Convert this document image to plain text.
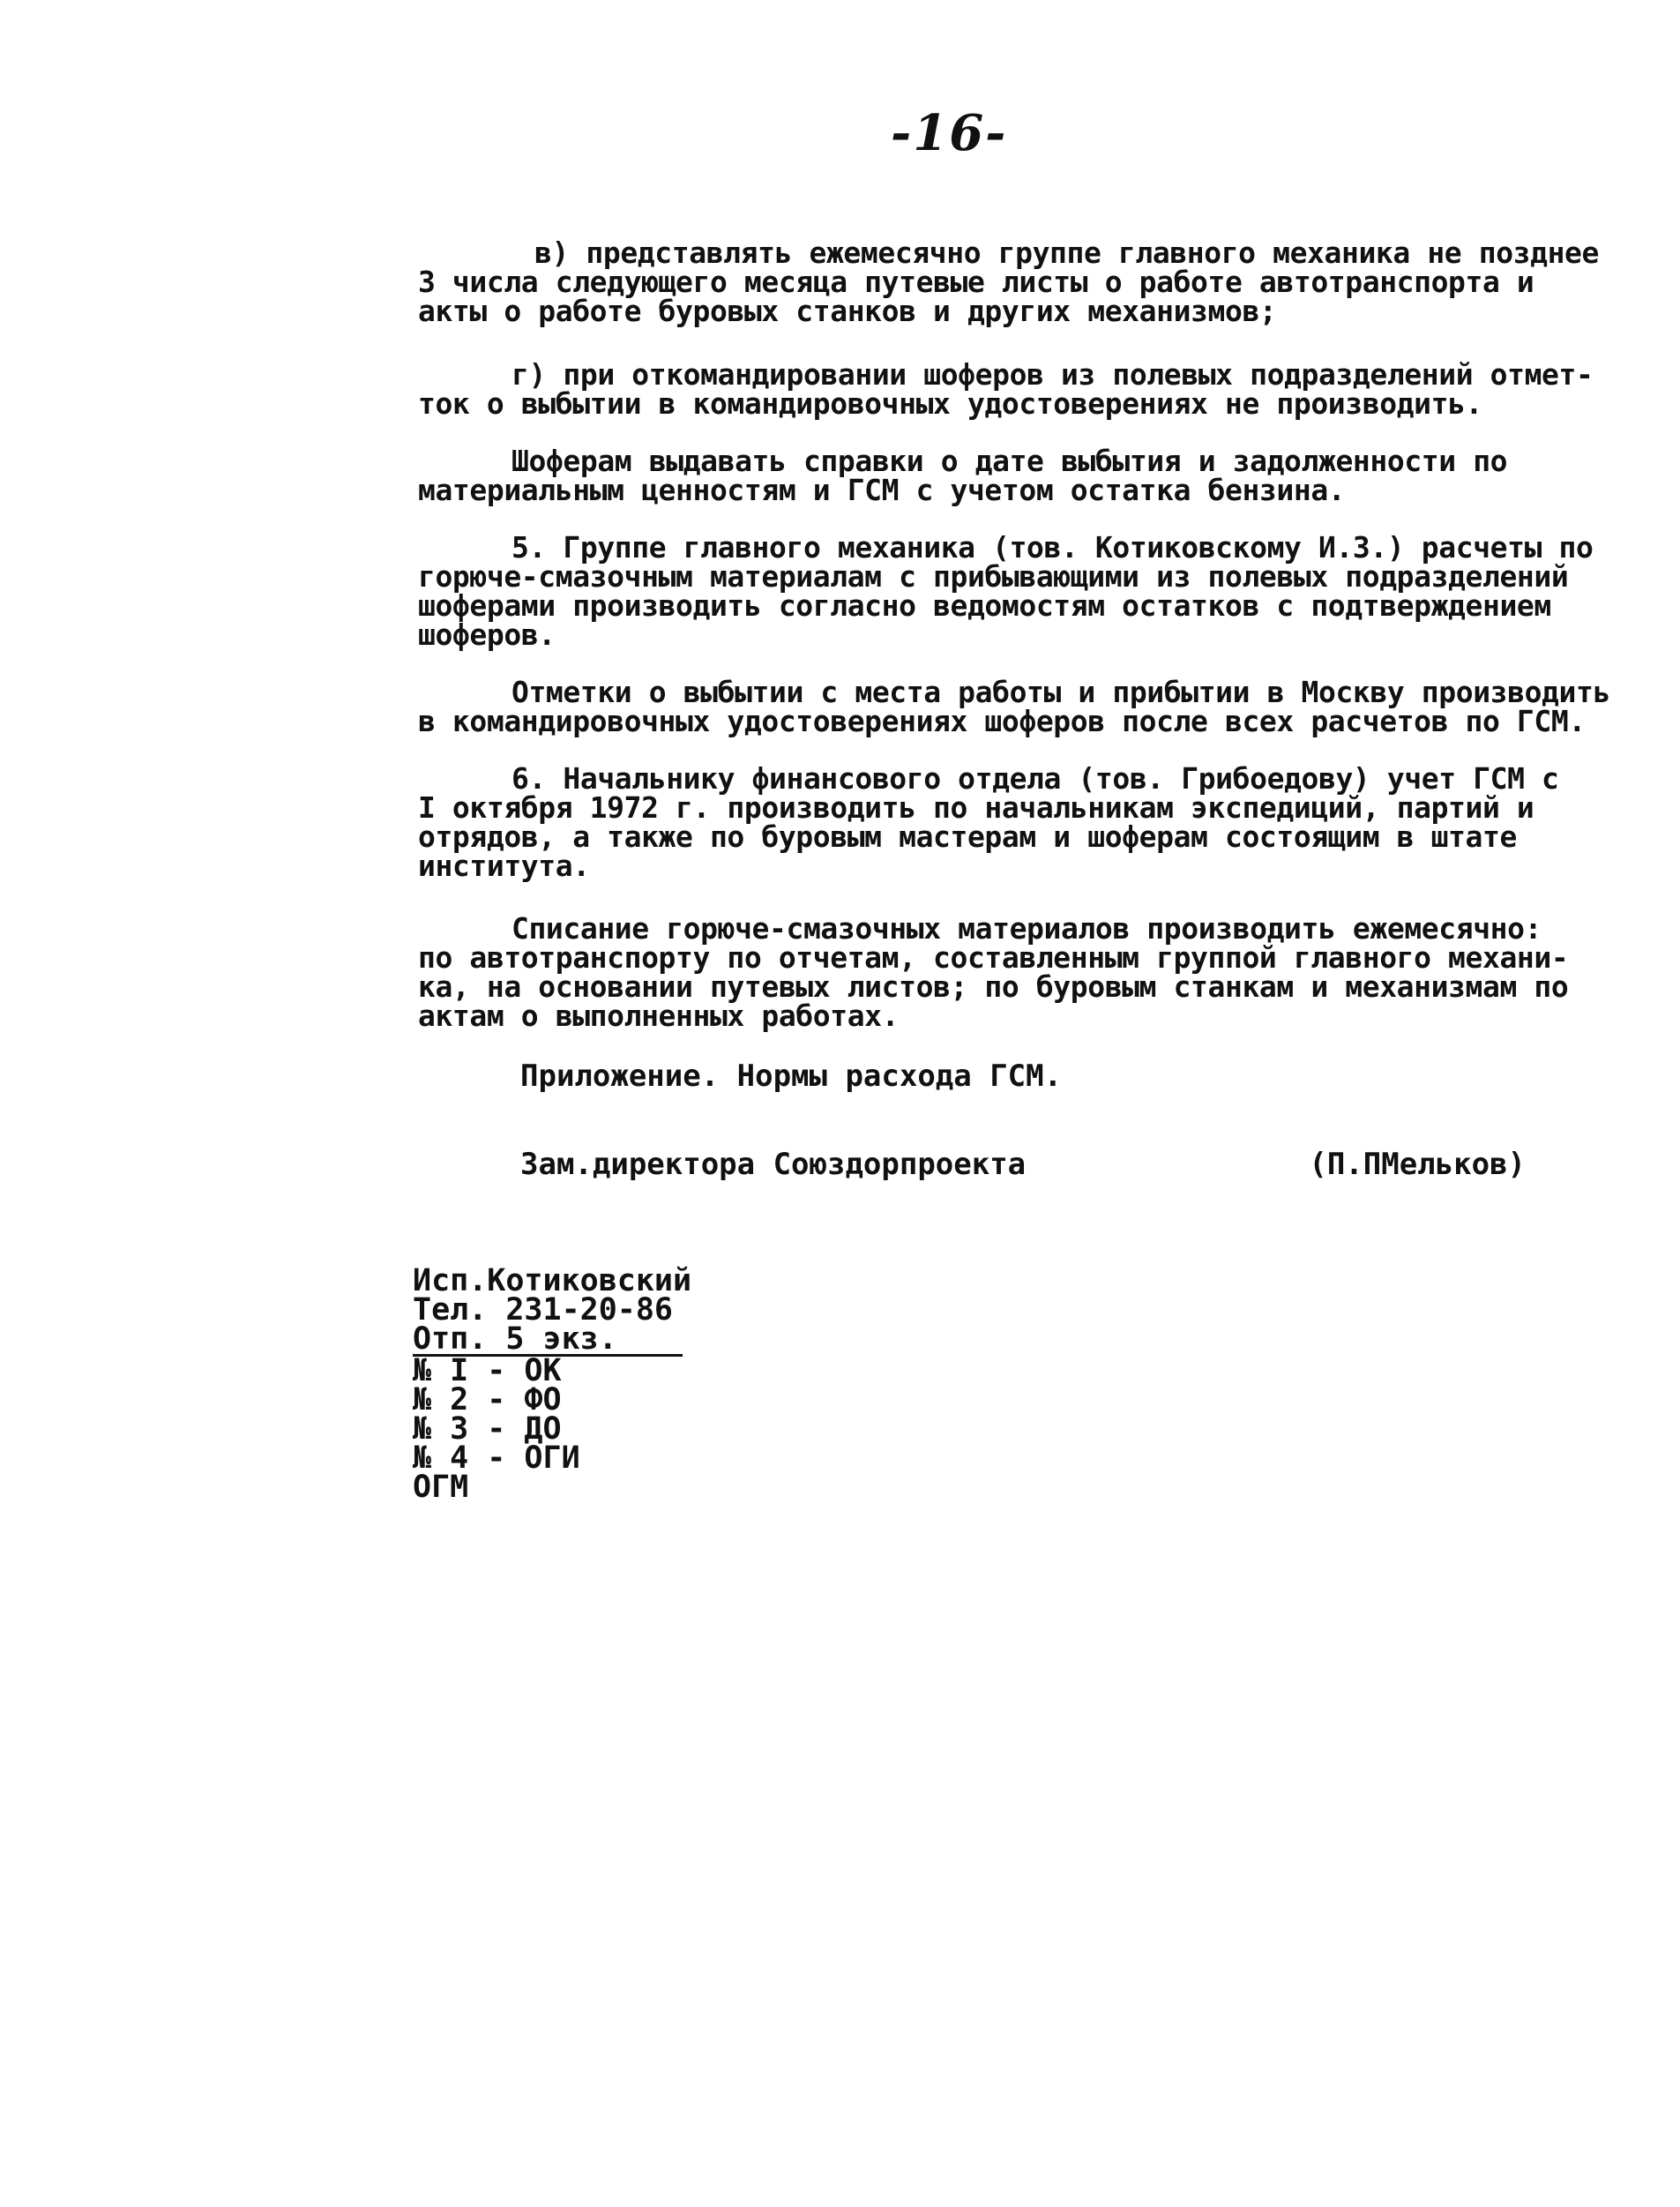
-16-
в) представлять ежемесячно группе главного механика не позднее
3 числа следующего месяца путевые листы о работе автотранспорта и
акты о работе буровых станков и других механизмов;
г) при откомандировании шоферов из полевых подразделений отмет-
ток о выбытии в командировочных удостоверениях не производить.
Шоферам выдавать справки о дате выбытия и задолженности по
материальным ценностям и ГСМ с учетом остатка бензина.
5. Группе главного механика (тов. Котиковскому И.З.) расчеты по
горюче-смазочным материалам с прибывающими из полевых подразделений
шоферами производить согласно ведомостям остатков с подтверждением
шоферов.
Отметки о выбытии с места работы и прибытии в Москву производить
в командировочных удостоверениях шоферов после всех расчетов по ГСМ.
6. Начальнику финансового отдела (тов. Грибоедову) учет ГСМ с
I октября 1972 г. производить по начальникам экспедиций, партий и
отрядов, а также по буровым мастерам и шоферам состоящим в штате
института.
Списание горюче-смазочных материалов производить ежемесячно:
по автотранспорту по отчетам, составленным группой главного механи-
ка, на основании путевых листов; по буровым станкам и механизмам по
актам о выполненных работах.
Приложение. Нормы расхода ГСМ.
Зам.директора Союздорпроекта	(П.ПМельков)
Исп.Котиковский
Тел. 231-20-86
Отп. 5 экз.
№ I - ОК
№ 2 - ФО
№ 3 - ДО
№ 4 - ОГИ
ОГМ
